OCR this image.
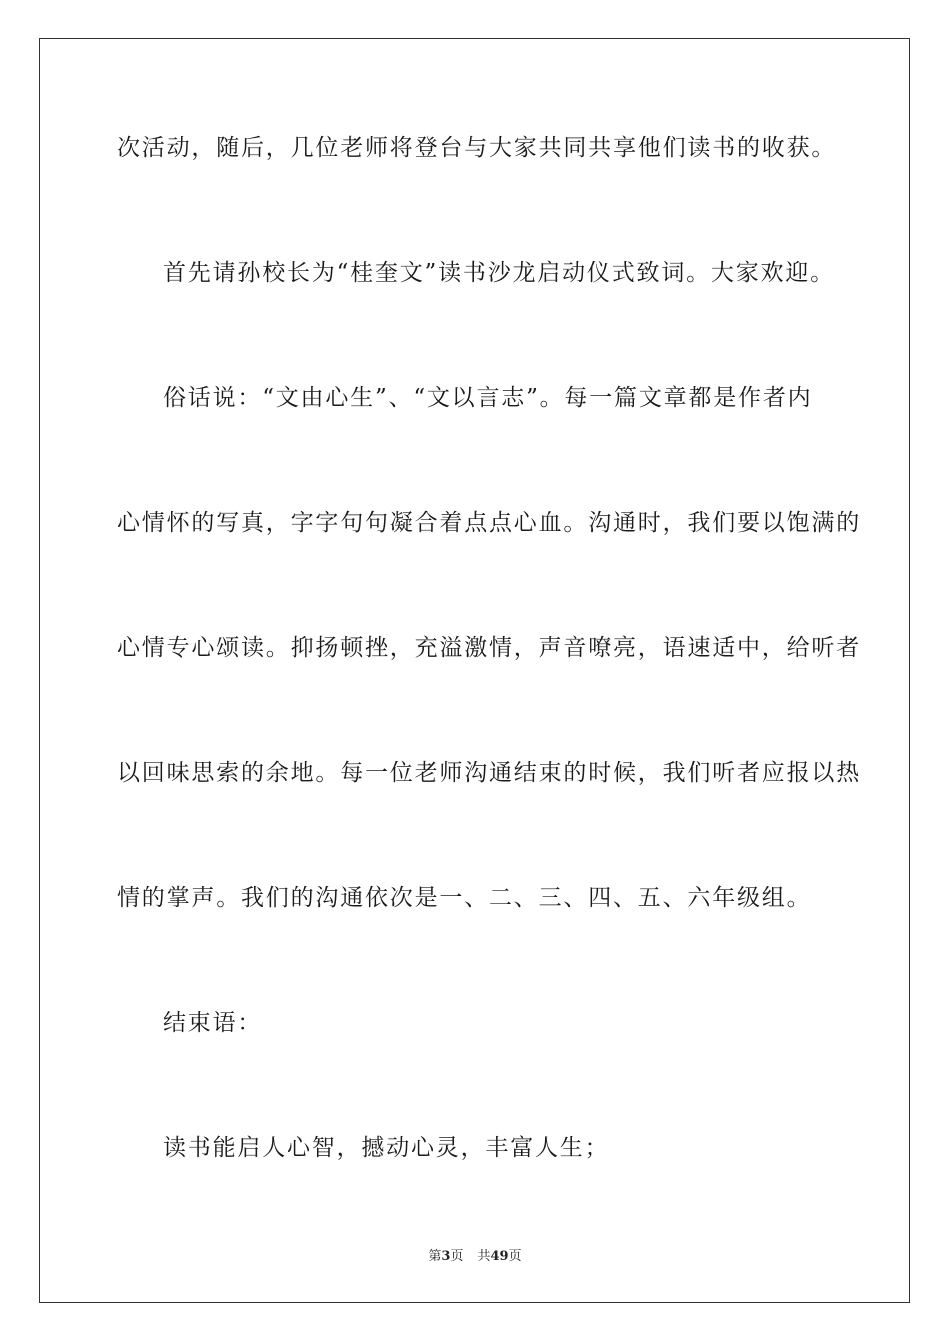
次活动，随后，几位老师将登台与大家共同共享他们读书的收获。
首先请孙校长为“桂奎文”读书沙龙启动仪式致词。大家欢迎。
俗话说：“文由心生”、“文以言志”。每一篇文章都是作者内
心情怀的写真，字字句句凝合着点点心血。沟通时，我们要以饱满的
心情专心颂读。抑扬顿挫，充溢激情，声音嘹亮，语速适中，给听者
以回味思索的余地。每一位老师沟通结束的时候，我们听者应报以热
情的掌声。我们的沟通依次是一、二、三、四、五、六年级组。
结束语：
读书能启人心智，撼动心灵，丰富人生；
第3页 共49页
